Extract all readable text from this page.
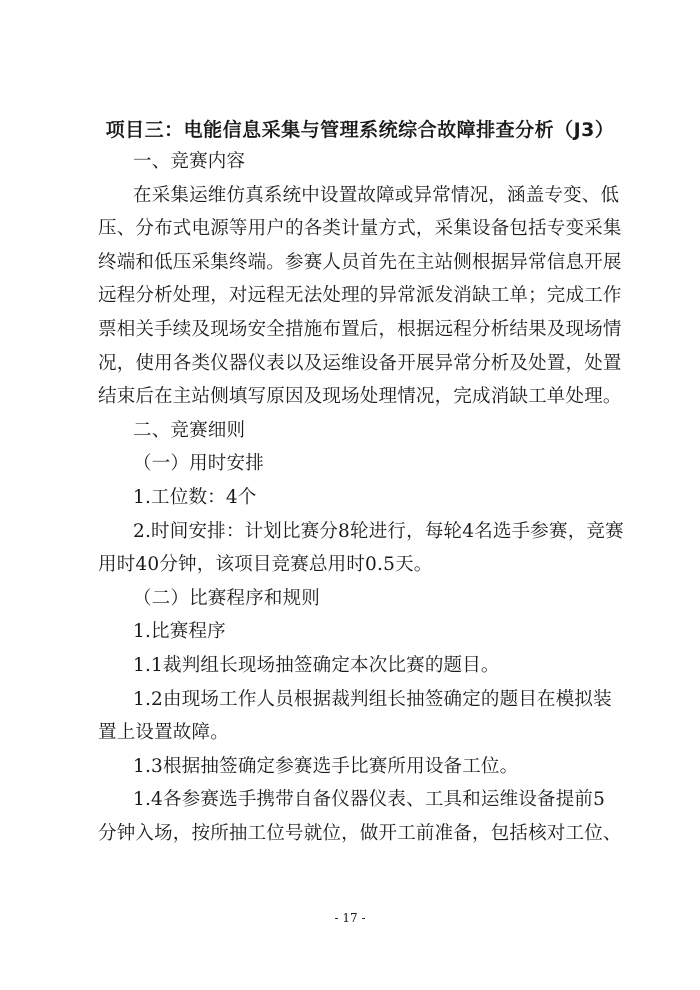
项目三：电能信息采集与管理系统综合故障排查分析（J3）
一、竞赛内容
在采集运维仿真系统中设置故障或异常情况，涵盖专变、低
压、分布式电源等用户的各类计量方式，采集设备包括专变采集
终端和低压采集终端。参赛人员首先在主站侧根据异常信息开展
远程分析处理，对远程无法处理的异常派发消缺工单；完成工作
票相关手续及现场安全措施布置后，根据远程分析结果及现场情
况，使用各类仪器仪表以及运维设备开展异常分析及处置，处置
结束后在主站侧填写原因及现场处理情况，完成消缺工单处理。
二、竞赛细则
（一）用时安排
1.工位数：4个
2.时间安排：计划比赛分8轮进行，每轮4名选手参赛，竞赛
用时40分钟，该项目竞赛总用时0.5天。
（二）比赛程序和规则
1.比赛程序
1.1裁判组长现场抽签确定本次比赛的题目。
1.2由现场工作人员根据裁判组长抽签确定的题目在模拟装
置上设置故障。
1.3根据抽签确定参赛选手比赛所用设备工位。
1.4各参赛选手携带自备仪器仪表、工具和运维设备提前5
分钟入场，按所抽工位号就位，做开工前准备，包括核对工位、
- 17 -
